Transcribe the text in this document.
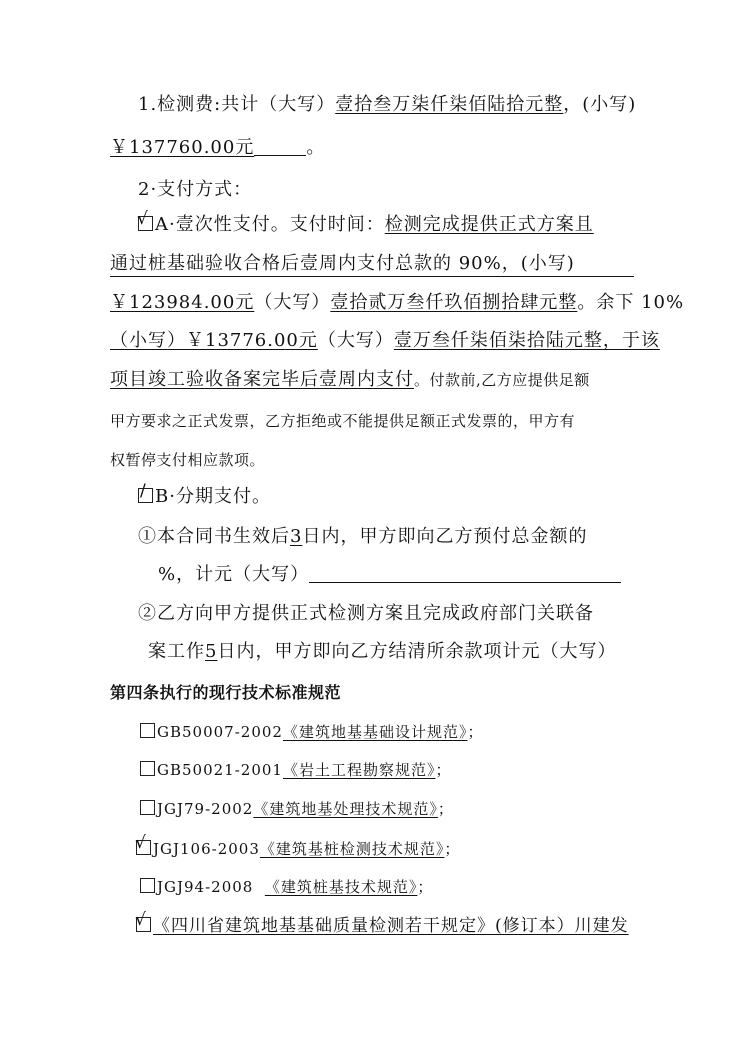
1.检测费:共计（大写）壹拾叁万柒仟柒佰陆拾元整，(小写)
￥137760.00元	。
2·支付方式：
√ A·壹次性支付。支付时间：检测完成提供正式方案且
通过桩基础验收合格后壹周内支付总款的 90%，(小写)
￥123984.00元（大写）壹拾贰万叁仟玖佰捌拾肆元整。余下 10%
（小写）￥13776.00元（大写）壹万叁仟柒佰柒拾陆元整，于该
项目竣工验收备案完毕后壹周内支付。付款前,乙方应提供足额
甲方要求之正式发票，乙方拒绝或不能提供足额正式发票的，甲方有
权暂停支付相应款项。
/ B·分期支付。
①本合同书生效后3日内，甲方即向乙方预付总金额的
%，计元（大写）
②乙方向甲方提供正式检测方案且完成政府部门关联备
案工作5日内，甲方即向乙方结清所余款项计元（大写）
第四条执行的现行技术标准规范
GB50007-2002《建筑地基基础设计规范》；
GB50021-2001《岩土工程勘察规范》；
JGJ79-2002《建筑地基处理技术规范》；
√ JGJ106-2003《建筑基桩检测技术规范》；
JGJ94-2008  《建筑桩基技术规范》；
√ 《四川省建筑地基基础质量检测若干规定》(修订本）川建发
